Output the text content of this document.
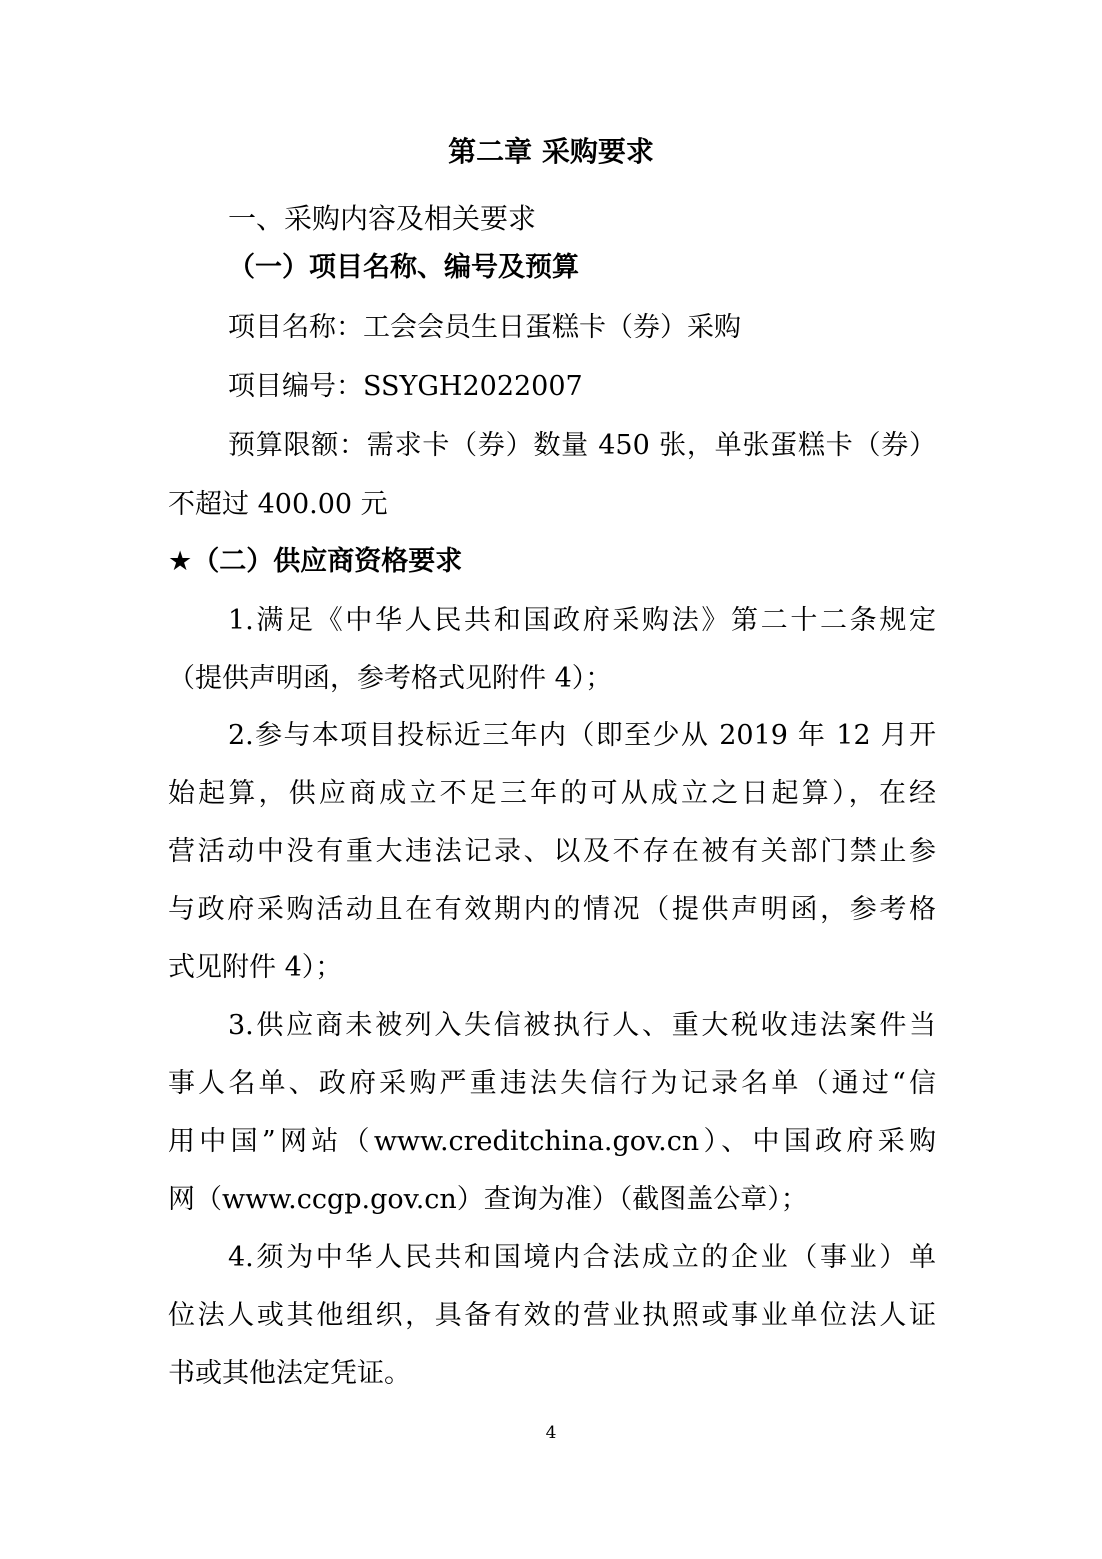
第二章 采购要求
一、采购内容及相关要求
（一）项目名称、编号及预算
项目名称：工会会员生日蛋糕卡（券）采购
项目编号：SSYGH2022007
预算限额：需求卡（券）数量 450 张，单张蛋糕卡（券）
不超过 400.00 元
★（二）供应商资格要求
1.满足《中华人民共和国政府采购法》第二十二条规定
（提供声明函，参考格式见附件 4）；
2.参与本项目投标近三年内（即至少从 2019 年 12 月开
始起算，供应商成立不足三年的可从成立之日起算），在经
营活动中没有重大违法记录、以及不存在被有关部门禁止参
与政府采购活动且在有效期内的情况（提供声明函，参考格
式见附件 4）；
3.供应商未被列入失信被执行人、重大税收违法案件当
事人名单、政府采购严重违法失信行为记录名单（通过“信
用中国”网站（www.creditchina.gov.cn）、中国政府采购
网（www.ccgp.gov.cn）查询为准）（截图盖公章）；
4.须为中华人民共和国境内合法成立的企业（事业）单
位法人或其他组织，具备有效的营业执照或事业单位法人证
书或其他法定凭证。
4
